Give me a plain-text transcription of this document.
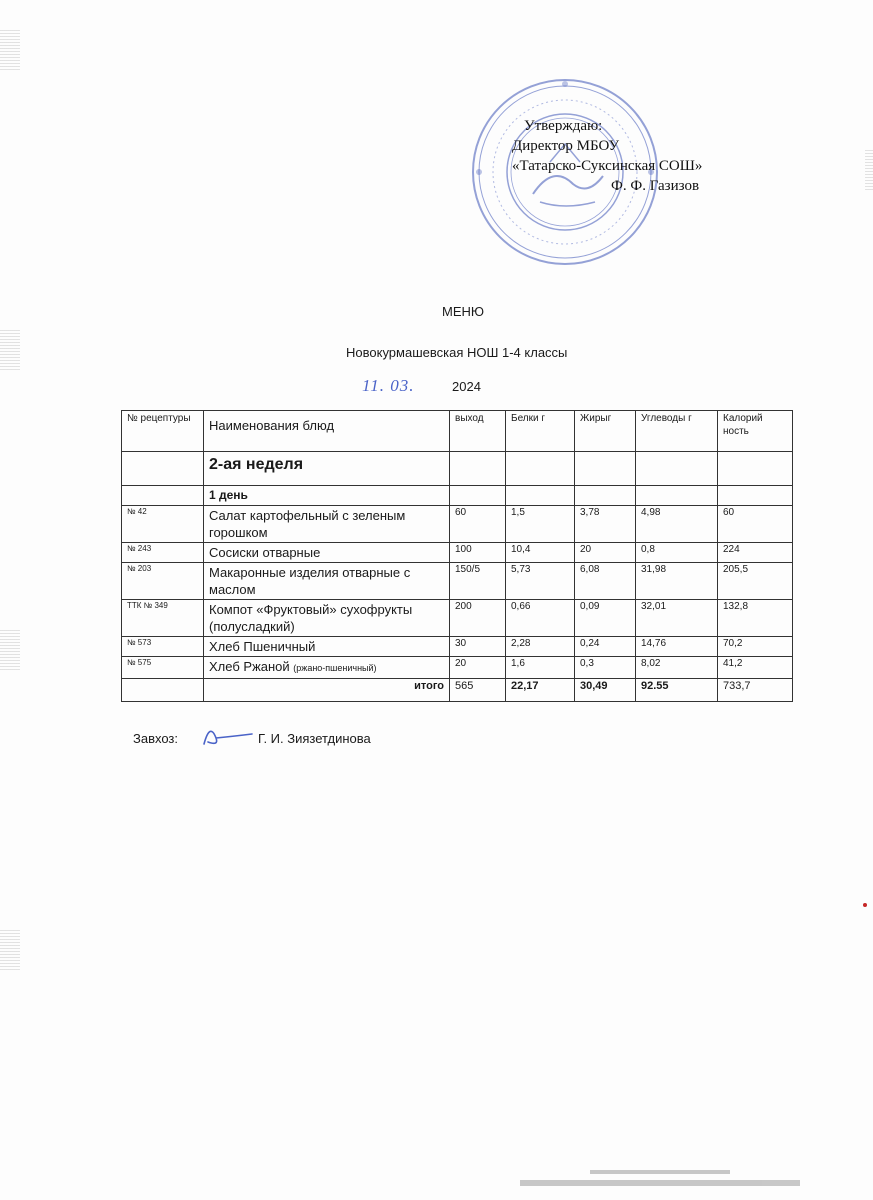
Утверждаю:
Директор МБОУ
«Татарско-Суксинская СОШ»
Ф. Ф. Газизов
МЕНЮ
Новокурмашевская НОШ 1-4 классы
11. 03.	2024
№ рецептуры	Наименования блюд	выход	Белки г	Жирыг	Углеводы г	Калорий ность
	2-ая неделя					
	1 день					
№ 42	Салат картофельный с зеленым горошком	60	1,5	3,78	4,98	60
№ 243	Сосиски отварные	100	10,4	20	0,8	224
№ 203	Макаронные изделия отварные с маслом	150/5	5,73	6,08	31,98	205,5
ТТК № 349	Компот «Фруктовый» сухофрукты (полусладкий)	200	0,66	0,09	32,01	132,8
№ 573	Хлеб Пшеничный	30	2,28	0,24	14,76	70,2
№ 575	Хлеб Ржаной (ржано-пшеничный)	20	1,6	0,3	8,02	41,2
	итого	565	22,17	30,49	92.55	733,7
Завхоз:	Г. И. Зиязетдинова
